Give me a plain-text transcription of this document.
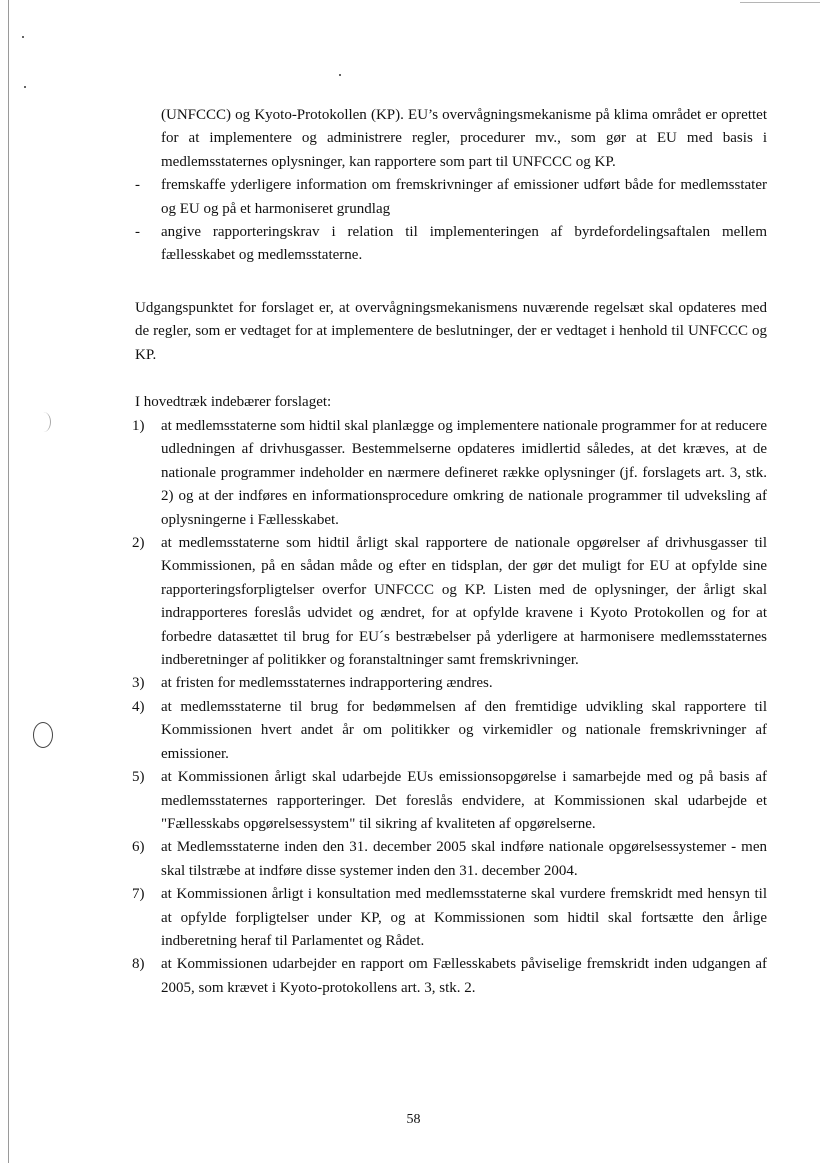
(UNFCCC) og Kyoto-Protokollen (KP). EU’s overvågningsmekanisme på klima området er oprettet for at implementere og administrere regler, procedurer mv., som gør at EU med basis i medlemsstaternes oplysninger, kan rapportere som part til UNFCCC og KP.

- fremskaffe yderligere information om fremskrivninger af emissioner udført både for medlemsstater og EU og på et harmoniseret grundlag
- angive rapporteringskrav i relation til implementeringen af byrdefordelingsaftalen mellem fællesskabet og medlemsstaterne.

Udgangspunktet for forslaget er, at overvågningsmekanismens nuværende regelsæt skal opdateres med de regler, som er vedtaget for at implementere de beslutninger, der er vedtaget i henhold til UNFCCC og KP.

I hovedtræk indebærer forslaget:

1) at medlemsstaterne som hidtil skal planlægge og implementere nationale programmer for at reducere udledningen af drivhusgasser. Bestemmelserne opdateres imidlertid således, at det kræves, at de nationale programmer indeholder en nærmere defineret række oplysninger (jf. forslagets art. 3, stk. 2) og at der indføres en informationsprocedure omkring de nationale programmer til udveksling af oplysningerne i Fællesskabet.
2) at medlemsstaterne som hidtil årligt skal rapportere de nationale opgørelser af drivhusgasser til Kommissionen, på en sådan måde og efter en tidsplan, der gør det muligt for EU at opfylde sine rapporteringsforpligtelser overfor UNFCCC og KP. Listen med de oplysninger, der årligt skal indrapporteres foreslås udvidet og ændret, for at opfylde kravene i Kyoto Protokollen og for at forbedre datasættet til brug for EU´s bestræbelser på yderligere at harmonisere medlemsstaternes indberetninger af politikker og foranstaltninger samt fremskrivninger.
3) at fristen for medlemsstaternes indrapportering ændres.
4) at medlemsstaterne til brug for bedømmelsen af den fremtidige udvikling skal rapportere til Kommissionen hvert andet år om politikker og virkemidler og nationale fremskrivninger af emissioner.
5) at Kommissionen årligt skal udarbejde EUs emissionsopgørelse i samarbejde med og på basis af medlemsstaternes rapporteringer. Det foreslås endvidere, at Kommissionen skal udarbejde et "Fællesskabs opgørelsessystem" til sikring af kvaliteten af opgørelserne.
6) at Medlemsstaterne inden den 31. december 2005 skal indføre nationale opgørelsessystemer - men skal tilstræbe at indføre disse systemer inden den 31. december 2004.
7) at Kommissionen årligt i konsultation med medlemsstaterne skal vurdere fremskridt med hensyn til at opfylde forpligtelser under KP, og at Kommissionen som hidtil skal fortsætte den årlige indberetning heraf til Parlamentet og Rådet.
8) at Kommissionen udarbejder en rapport om Fællesskabets påviselige fremskridt inden udgangen af 2005, som krævet i Kyoto-protokollens art. 3, stk. 2.
58
